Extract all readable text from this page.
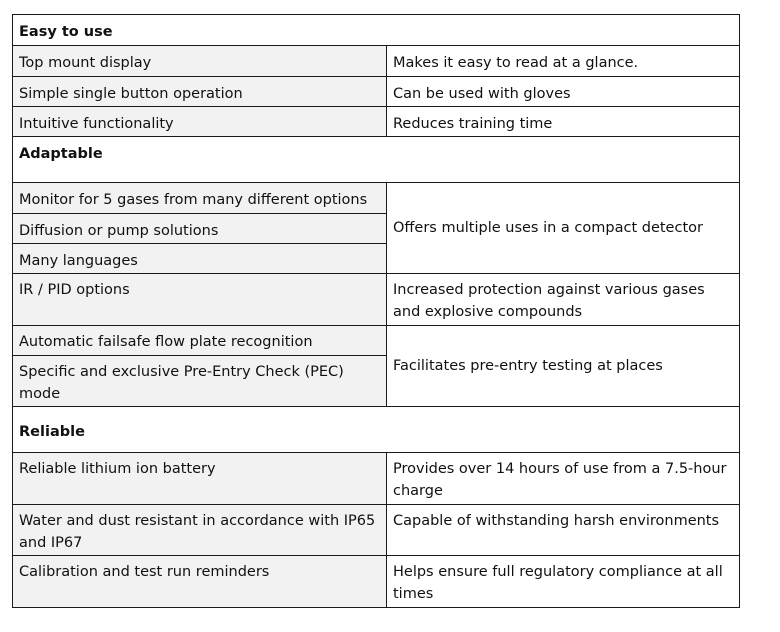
Easy to use	
Top mount display	Makes it easy to read at a glance.
Simple single button operation	Can be used with gloves
Intuitive functionality	Reduces training time
Adaptable	
Monitor for 5 gases from many different options	Offers multiple uses in a compact detector
Diffusion or pump solutions	
Many languages	
IR / PID options	Increased protection against various gases and explosive compounds
Automatic failsafe flow plate recognition	Facilitates pre-entry testing at places
Specific and exclusive Pre-Entry Check (PEC) mode	
Reliable	
Reliable lithium ion battery	Provides over 14 hours of use from a 7.5-hour charge
Water and dust resistant in accordance with IP65 and IP67	Capable of withstanding harsh environments
Calibration and test run reminders	Helps ensure full regulatory compliance at all times
